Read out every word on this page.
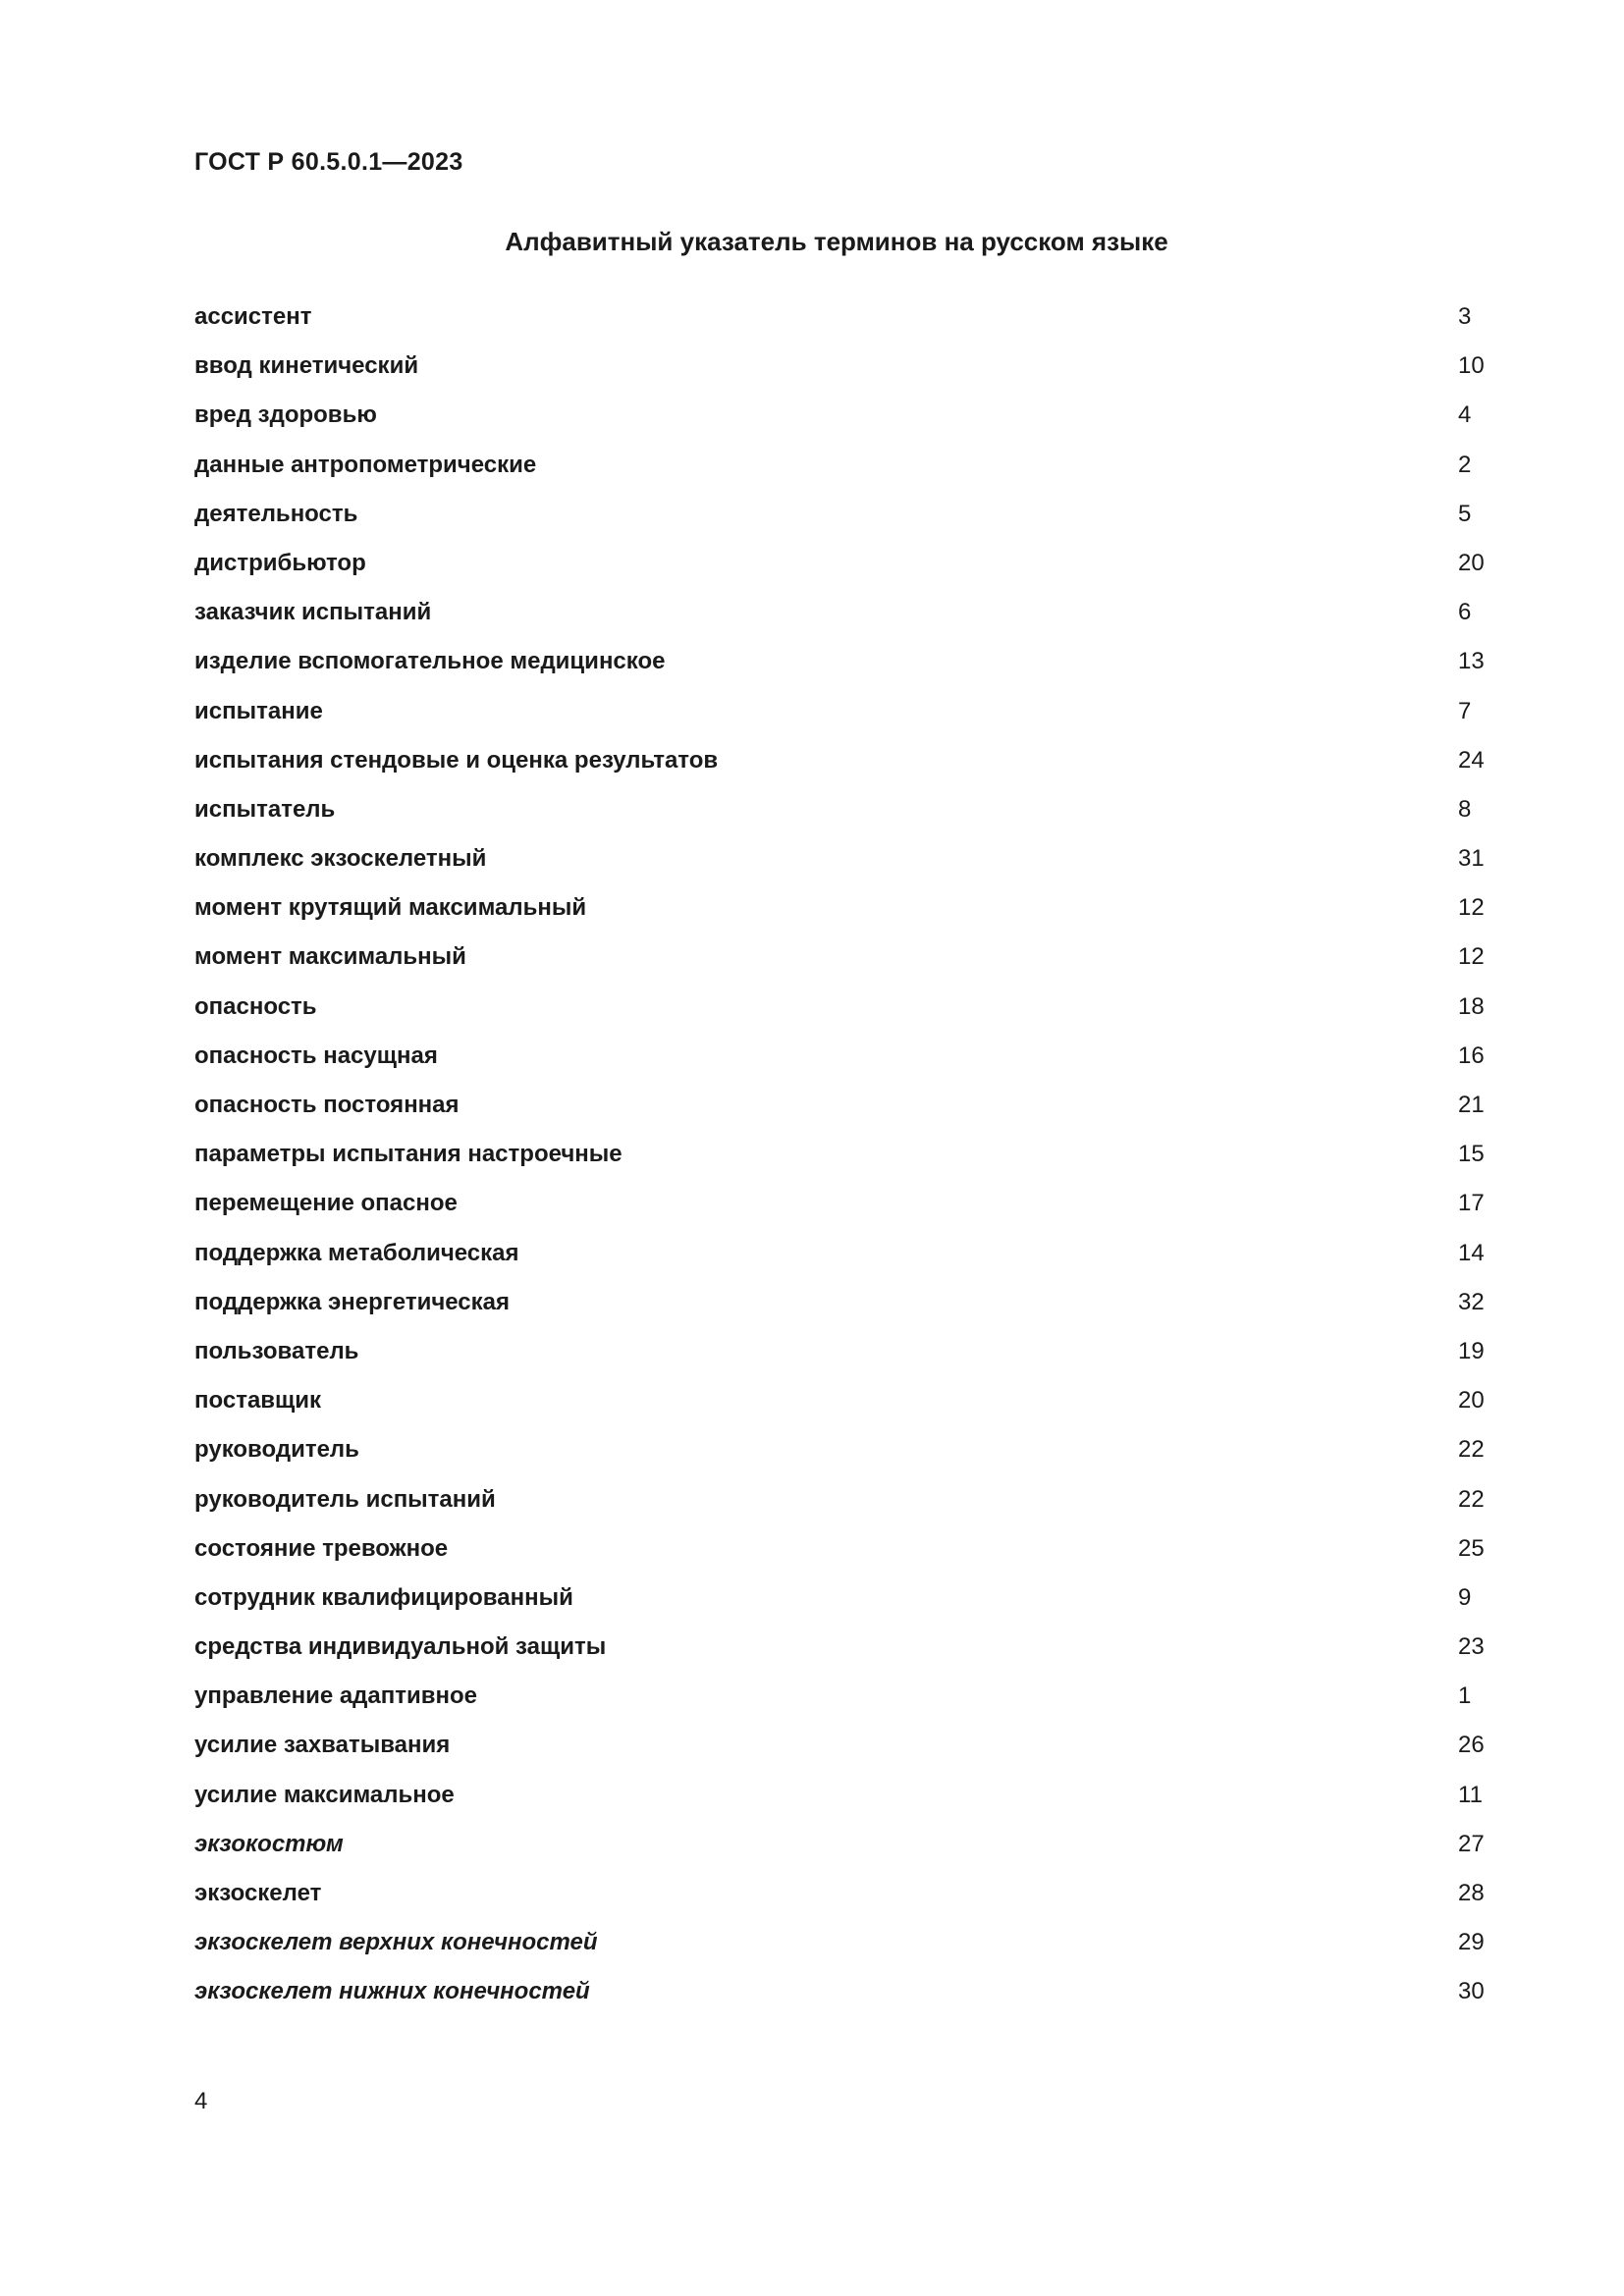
ГОСТ Р 60.5.0.1—2023

Алфавитный указатель терминов на русском языке
ассистент	3
ввод кинетический	10
вред здоровью	4
данные антропометрические	2
деятельность	5
дистрибьютор	20
заказчик испытаний	6
изделие вспомогательное медицинское	13
испытание	7
испытания стендовые и оценка результатов	24
испытатель	8
комплекс экзоскелетный	31
момент крутящий максимальный	12
момент максимальный	12
опасность	18
опасность насущная	16
опасность постоянная	21
параметры испытания настроечные	15
перемещение опасное	17
поддержка метаболическая	14
поддержка энергетическая	32
пользователь	19
поставщик	20
руководитель	22
руководитель испытаний	22
состояние тревожное	25
сотрудник квалифицированный	9
средства индивидуальной защиты	23
управление адаптивное	1
усилие захватывания	26
усилие максимальное	11
экзокостюм	27
экзоскелет	28
экзоскелет верхних конечностей	29
экзоскелет нижних конечностей	30

4
